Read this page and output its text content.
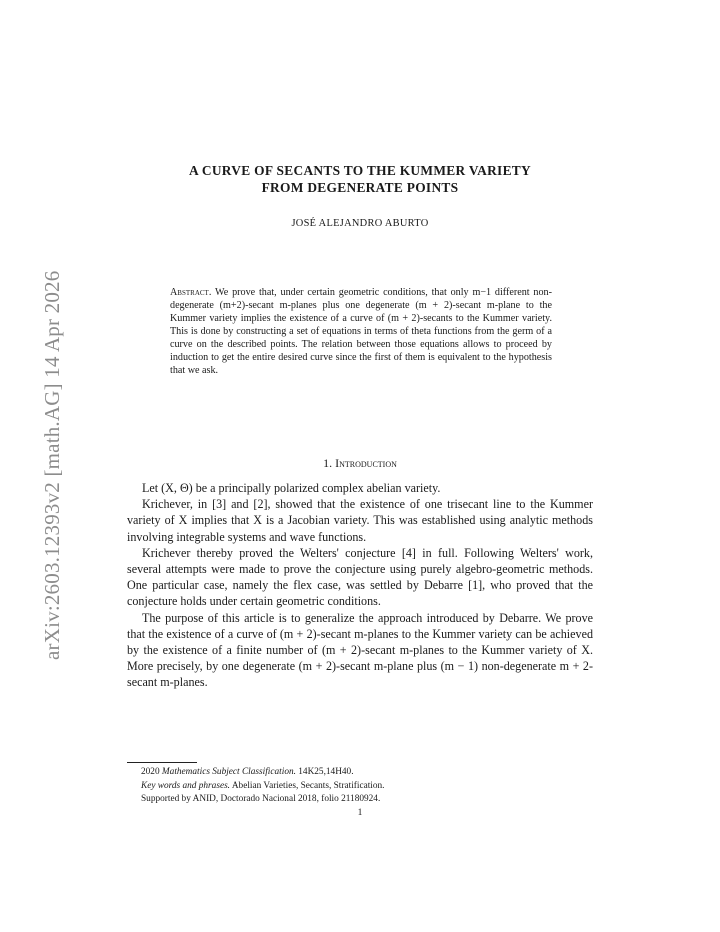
arXiv:2603.12393v2 [math.AG] 14 Apr 2026
A CURVE OF SECANTS TO THE KUMMER VARIETY
FROM DEGENERATE POINTS
JOSÉ ALEJANDRO ABURTO

Abstract. We prove that, under certain geometric conditions, that only m−1 different non-degenerate (m+2)-secant m-planes plus one degenerate (m + 2)-secant m-plane to the Kummer variety implies the existence of a curve of (m + 2)-secants to the Kummer variety. This is done by constructing a set of equations in terms of theta functions from the germ of a curve on the described points. The relation between those equations allows to proceed by induction to get the entire desired curve since the first of them is equivalent to the hypothesis that we ask.

1. Introduction

Let (X, Θ) be a principally polarized complex abelian variety.

Krichever, in [3] and [2], showed that the existence of one trisecant line to the Kummer variety of X implies that X is a Jacobian variety. This was established using analytic methods involving integrable systems and wave functions.

Krichever thereby proved the Welters' conjecture [4] in full. Following Welters' work, several attempts were made to prove the conjecture using purely algebro-geometric methods. One particular case, namely the flex case, was settled by Debarre [1], who proved that the conjecture holds under certain geometric conditions.

The purpose of this article is to generalize the approach introduced by Debarre. We prove that the existence of a curve of (m + 2)-secant m-planes to the Kummer variety can be achieved by the existence of a finite number of (m + 2)-secant m-planes to the Kummer variety of X. More precisely, by one degenerate (m + 2)-secant m-plane plus (m − 1) non-degenerate m + 2-secant m-planes.

2020 Mathematics Subject Classification. 14K25,14H40.
Key words and phrases. Abelian Varieties, Secants, Stratification.
Supported by ANID, Doctorado Nacional 2018, folio 21180924.
1
